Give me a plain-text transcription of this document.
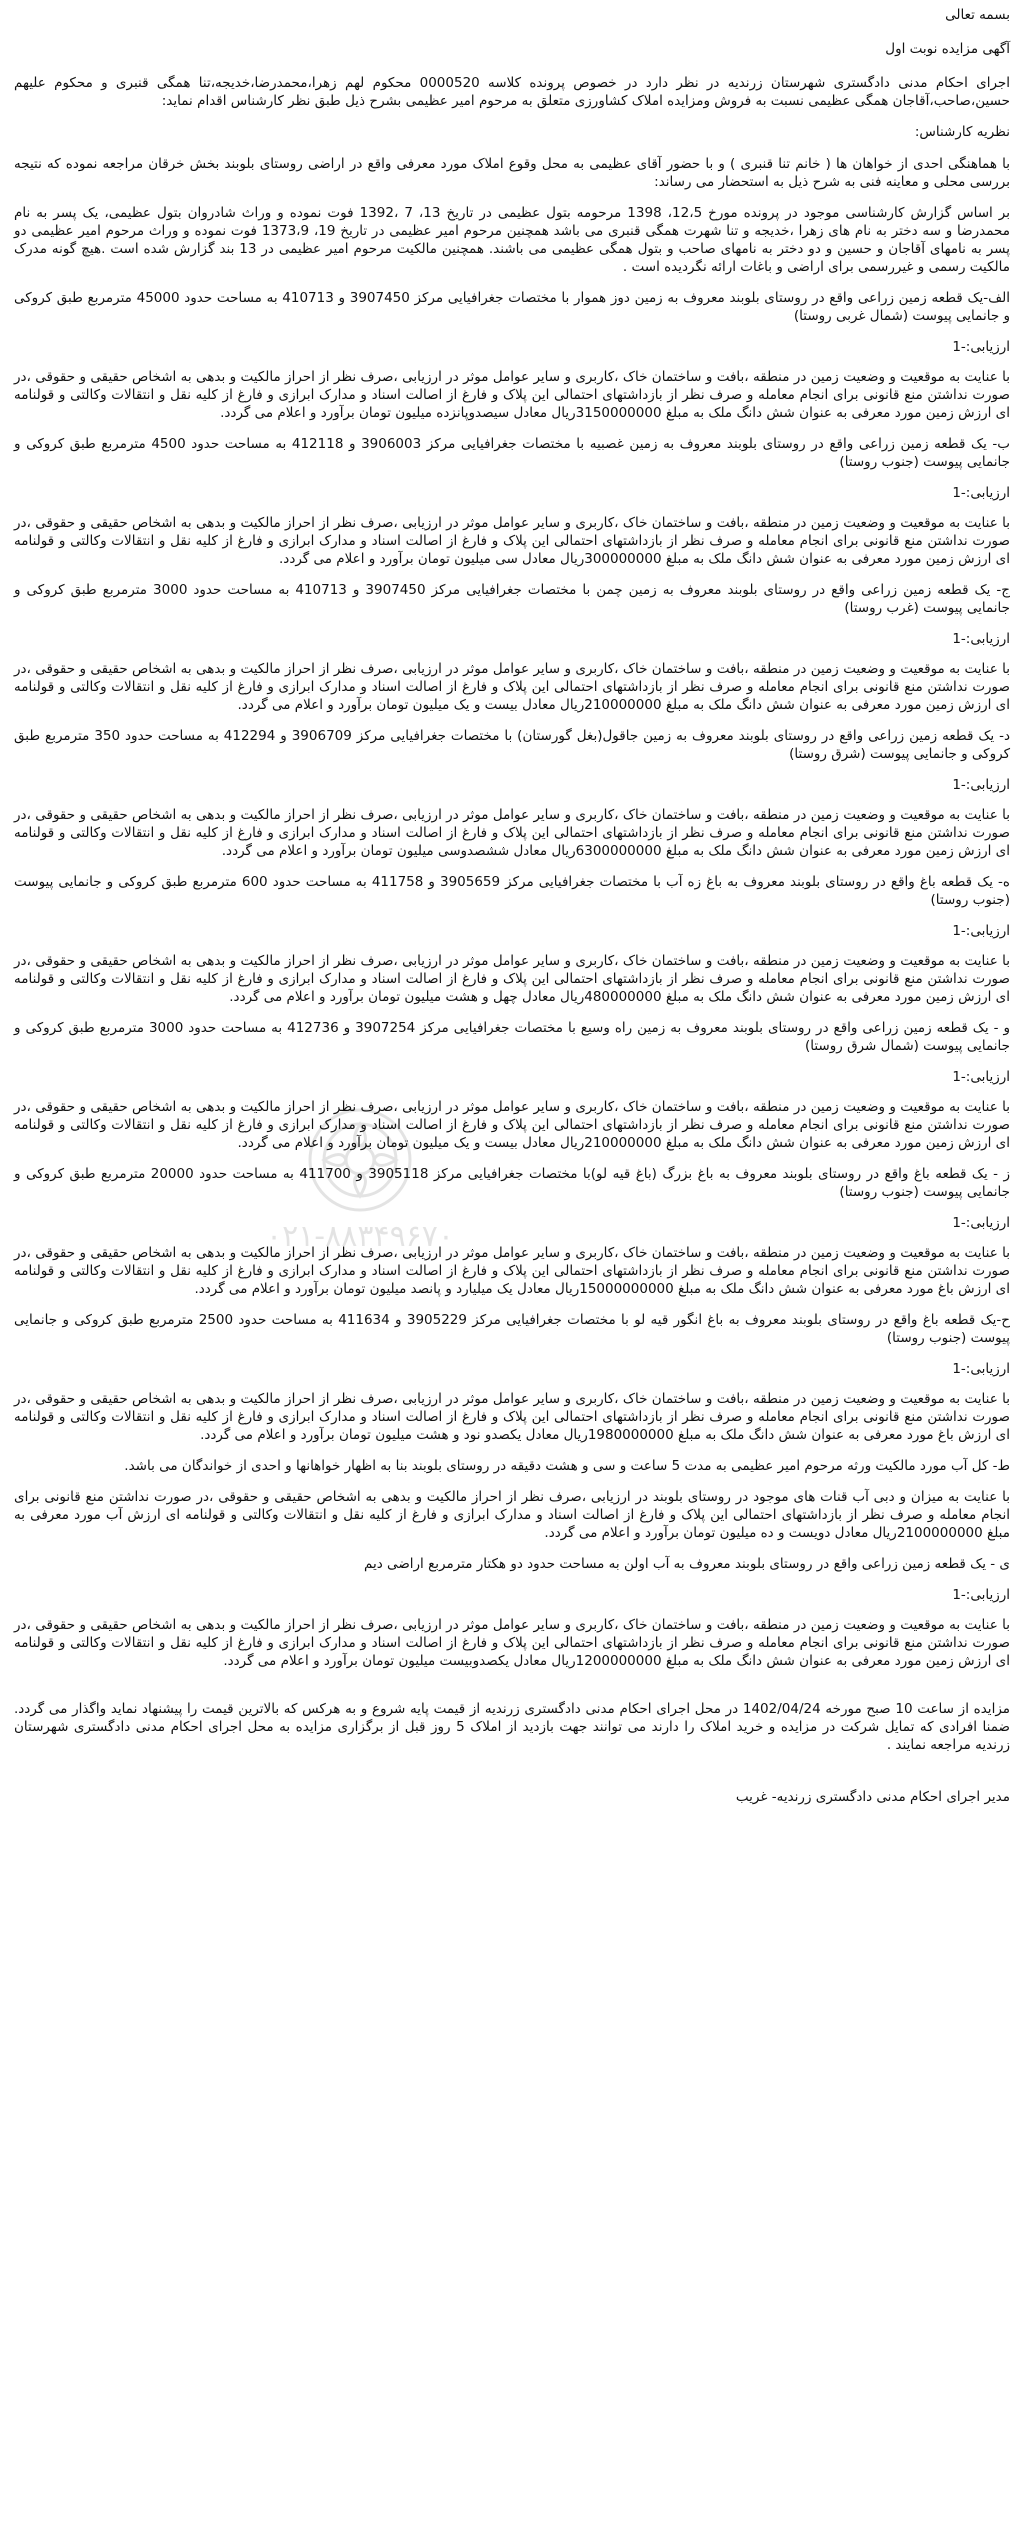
۰۲۱-۸۸۳۴۹۶۷۰

بسمه تعالی

آگهی مزایده نوبت اول

اجرای احکام مدنی دادگستری شهرستان زرندیه در نظر دارد در خصوص پرونده کلاسه 0000520 محکوم لهم زهرا،محمدرضا،خدیجه،تنا همگی قنبری و محکوم علیهم حسین،صاحب،آقاجان همگی عظیمی نسبت به فروش ومزایده املاک کشاورزی متعلق به مرحوم امیر عظیمی بشرح ذیل طبق نظر کارشناس اقدام نماید:

نظریه کارشناس:

با هماهنگی احدی از خواهان ها ( خانم تنا قنبری ) و با حضور آقای عظیمی به محل وقوع املاک مورد معرفی واقع در اراضی روستای بلوبند بخش خرقان مراجعه نموده که نتیجه بررسی محلی و معاینه فنی به شرح ذیل به استحضار می رساند:

بر اساس گزارش کارشناسی موجود در پرونده مورخ 12،5، 1398 مرحومه بتول عظیمی در تاریخ 13، 7 ،1392 فوت نموده و وراث شادروان بتول عظیمی، یک پسر به نام محمدرضا و سه دختر به نام های زهرا ،خدیجه و تنا شهرت همگی قنبری می باشد همچنین مرحوم امیر عظیمی در تاریخ 19، 1373،9 فوت نموده و وراث مرحوم امیر عظیمی دو پسر به نامهای آقاجان و حسین و دو دختر به نامهای صاحب و بتول همگی عظیمی می باشند. همچنین مالکیت مرحوم امیر عظیمی در 13 بند گزارش شده است .هیچ گونه مدرک مالکیت رسمی و غیررسمی برای اراضی و باغات ارائه نگردیده است .

الف-یک قطعه زمین زراعی واقع در روستای بلوبند معروف به زمین دوز هموار با مختصات جغرافیایی مرکز 3907450 و 410713 به مساحت حدود 45000 مترمربع طبق کروکی و جانمایی پیوست (شمال غربی روستا)

ارزیابی:-1

با عنایت به موقعیت و وضعیت زمین در منطقه ،بافت و ساختمان خاک ،کاربری و سایر عوامل موثر در ارزیابی ،صرف نظر از احراز مالکیت و بدهی به اشخاص حقیقی و حقوقی ،در صورت نداشتن منع قانونی برای انجام معامله و صرف نظر از بازداشتهای احتمالی این پلاک و فارغ از اصالت اسناد و مدارک ابرازی و فارغ از کلیه نقل و انتقالات وکالتی و قولنامه ای ارزش زمین مورد معرفی به عنوان شش دانگ ملک به مبلغ 3150000000ریال معادل سیصدوپانزده میلیون تومان برآورد و اعلام می گردد.

ب- یک قطعه زمین زراعی واقع در روستای بلوبند معروف به زمین غصبیه با مختصات جغرافیایی مرکز 3906003 و 412118 به مساحت حدود 4500 مترمربع طبق کروکی و جانمایی پیوست (جنوب روستا)

ارزیابی:-1

با عنایت به موقعیت و وضعیت زمین در منطقه ،بافت و ساختمان خاک ،کاربری و سایر عوامل موثر در ارزیابی ،صرف نظر از احراز مالکیت و بدهی به اشخاص حقیقی و حقوقی ،در صورت نداشتن منع قانونی برای انجام معامله و صرف نظر از بازداشتهای احتمالی این پلاک و فارغ از اصالت اسناد و مدارک ابرازی و فارغ از کلیه نقل و انتقالات وکالتی و قولنامه ای ارزش زمین مورد معرفی به عنوان شش دانگ ملک به مبلغ 300000000ریال معادل سی میلیون تومان برآورد و اعلام می گردد.

ج- یک قطعه زمین زراعی واقع در روستای بلوبند معروف به زمین چمن با مختصات جغرافیایی مرکز 3907450 و 410713 به مساحت حدود 3000 مترمربع طبق کروکی و جانمایی پیوست (غرب روستا)

ارزیابی:-1

با عنایت به موقعیت و وضعیت زمین در منطقه ،بافت و ساختمان خاک ،کاربری و سایر عوامل موثر در ارزیابی ،صرف نظر از احراز مالکیت و بدهی به اشخاص حقیقی و حقوقی ،در صورت نداشتن منع قانونی برای انجام معامله و صرف نظر از بازداشتهای احتمالی این پلاک و فارغ از اصالت اسناد و مدارک ابرازی و فارغ از کلیه نقل و انتقالات وکالتی و قولنامه ای ارزش زمین مورد معرفی به عنوان شش دانگ ملک به مبلغ 210000000ریال معادل بیست و یک میلیون تومان برآورد و اعلام می گردد.

د- یک قطعه زمین زراعی واقع در روستای بلوبند معروف به زمین جاقول(بغل گورستان) با مختصات جغرافیایی مرکز 3906709 و 412294 به مساحت حدود 350 مترمربع طبق کروکی و جانمایی پیوست (شرق روستا)

ارزیابی:-1

با عنایت به موقعیت و وضعیت زمین در منطقه ،بافت و ساختمان خاک ،کاربری و سایر عوامل موثر در ارزیابی ،صرف نظر از احراز مالکیت و بدهی به اشخاص حقیقی و حقوقی ،در صورت نداشتن منع قانونی برای انجام معامله و صرف نظر از بازداشتهای احتمالی این پلاک و فارغ از اصالت اسناد و مدارک ابرازی و فارغ از کلیه نقل و انتقالات وکالتی و قولنامه ای ارزش زمین مورد معرفی به عنوان شش دانگ ملک به مبلغ 6300000000ریال معادل ششصدوسی میلیون تومان برآورد و اعلام می گردد.

ه- یک قطعه باغ واقع در روستای بلوبند معروف به باغ زه آب با مختصات جغرافیایی مرکز 3905659 و 411758 به مساحت حدود 600 مترمربع طبق کروکی و جانمایی پیوست (جنوب روستا)

ارزیابی:-1

با عنایت به موقعیت و وضعیت زمین در منطقه ،بافت و ساختمان خاک ،کاربری و سایر عوامل موثر در ارزیابی ،صرف نظر از احراز مالکیت و بدهی به اشخاص حقیقی و حقوقی ،در صورت نداشتن منع قانونی برای انجام معامله و صرف نظر از بازداشتهای احتمالی این پلاک و فارغ از اصالت اسناد و مدارک ابرازی و فارغ از کلیه نقل و انتقالات وکالتی و قولنامه ای ارزش زمین مورد معرفی به عنوان شش دانگ ملک به مبلغ 480000000ریال معادل چهل و هشت میلیون تومان برآورد و اعلام می گردد.

و - یک قطعه زمین زراعی واقع در روستای بلوبند معروف به زمین راه وسیع با مختصات جغرافیایی مرکز 3907254 و 412736 به مساحت حدود 3000 مترمربع طبق کروکی و جانمایی پیوست (شمال شرق روستا)

ارزیابی:-1

با عنایت به موقعیت و وضعیت زمین در منطقه ،بافت و ساختمان خاک ،کاربری و سایر عوامل موثر در ارزیابی ،صرف نظر از احراز مالکیت و بدهی به اشخاص حقیقی و حقوقی ،در صورت نداشتن منع قانونی برای انجام معامله و صرف نظر از بازداشتهای احتمالی این پلاک و فارغ از اصالت اسناد و مدارک ابرازی و فارغ از کلیه نقل و انتقالات وکالتی و قولنامه ای ارزش زمین مورد معرفی به عنوان شش دانگ ملک به مبلغ 210000000ریال معادل بیست و یک میلیون تومان برآورد و اعلام می گردد.

ز - یک قطعه باغ واقع در روستای بلوبند معروف به باغ بزرگ (باغ قیه لو)با مختصات جغرافیایی مرکز 3905118 و 411700 به مساحت حدود 20000 مترمربع طبق کروکی و جانمایی پیوست (جنوب روستا)

ارزیابی:-1

با عنایت به موقعیت و وضعیت زمین در منطقه ،بافت و ساختمان خاک ،کاربری و سایر عوامل موثر در ارزیابی ،صرف نظر از احراز مالکیت و بدهی به اشخاص حقیقی و حقوقی ،در صورت نداشتن منع قانونی برای انجام معامله و صرف نظر از بازداشتهای احتمالی این پلاک و فارغ از اصالت اسناد و مدارک ابرازی و فارغ از کلیه نقل و انتقالات وکالتی و قولنامه ای ارزش باغ مورد معرفی به عنوان شش دانگ ملک به مبلغ 15000000000ریال معادل یک میلیارد و پانصد میلیون تومان برآورد و اعلام می گردد.

ح-یک قطعه باغ واقع در روستای بلوبند معروف به باغ انگور قیه لو با مختصات جغرافیایی مرکز 3905229 و 411634 به مساحت حدود 2500 مترمربع طبق کروکی و جانمایی پیوست (جنوب روستا)

ارزیابی:-1

با عنایت به موقعیت و وضعیت زمین در منطقه ،بافت و ساختمان خاک ،کاربری و سایر عوامل موثر در ارزیابی ،صرف نظر از احراز مالکیت و بدهی به اشخاص حقیقی و حقوقی ،در صورت نداشتن منع قانونی برای انجام معامله و صرف نظر از بازداشتهای احتمالی این پلاک و فارغ از اصالت اسناد و مدارک ابرازی و فارغ از کلیه نقل و انتقالات وکالتی و قولنامه ای ارزش باغ مورد معرفی به عنوان شش دانگ ملک به مبلغ 1980000000ریال معادل یکصدو نود و هشت میلیون تومان برآورد و اعلام می گردد.

ط- کل آب مورد مالکیت ورثه مرحوم امیر عظیمی به مدت 5 ساعت و سی و هشت دقیقه در روستای بلوبند بنا به اظهار خواهانها و احدی از خواندگان می باشد.

با عنایت به میزان و دبی آب قنات های موجود در روستای بلوبند در ارزیابی ،صرف نظر از احراز مالکیت و بدهی به اشخاص حقیقی و حقوقی ،در صورت نداشتن منع قانونی برای انجام معامله و صرف نظر از بازداشتهای احتمالی این پلاک و فارغ از اصالت اسناد و مدارک ابرازی و فارغ از کلیه نقل و انتقالات وکالتی و قولنامه ای ارزش آب مورد معرفی به مبلغ 2100000000ریال معادل دویست و ده میلیون تومان برآورد و اعلام می گردد.

ی - یک قطعه زمین زراعی واقع در روستای بلوبند معروف به آب اولن به مساحت حدود دو هکتار مترمربع اراضی دیم

ارزیابی:-1

با عنایت به موقعیت و وضعیت زمین در منطقه ،بافت و ساختمان خاک ،کاربری و سایر عوامل موثر در ارزیابی ،صرف نظر از احراز مالکیت و بدهی به اشخاص حقیقی و حقوقی ،در صورت نداشتن منع قانونی برای انجام معامله و صرف نظر از بازداشتهای احتمالی این پلاک و فارغ از اصالت اسناد و مدارک ابرازی و فارغ از کلیه نقل و انتقالات وکالتی و قولنامه ای ارزش زمین مورد معرفی به عنوان شش دانگ ملک به مبلغ 1200000000ریال معادل یکصدوبیست میلیون تومان برآورد و اعلام می گردد.

مزایده از ساعت 10 صبح مورخه 1402/04/24 در محل اجرای احکام مدنی دادگستری زرندیه از قیمت پایه شروع و به هرکس که بالاترین قیمت را پیشنهاد نماید واگذار می گردد. ضمنا افرادی که تمایل شرکت در مزایده و خرید املاک را دارند می توانند جهت بازدید از املاک 5 روز قبل از برگزاری مزایده به محل اجرای احکام مدنی دادگستری شهرستان زرندیه مراجعه نمایند .

مدیر اجرای احکام مدنی دادگستری زرندیه- غریب
